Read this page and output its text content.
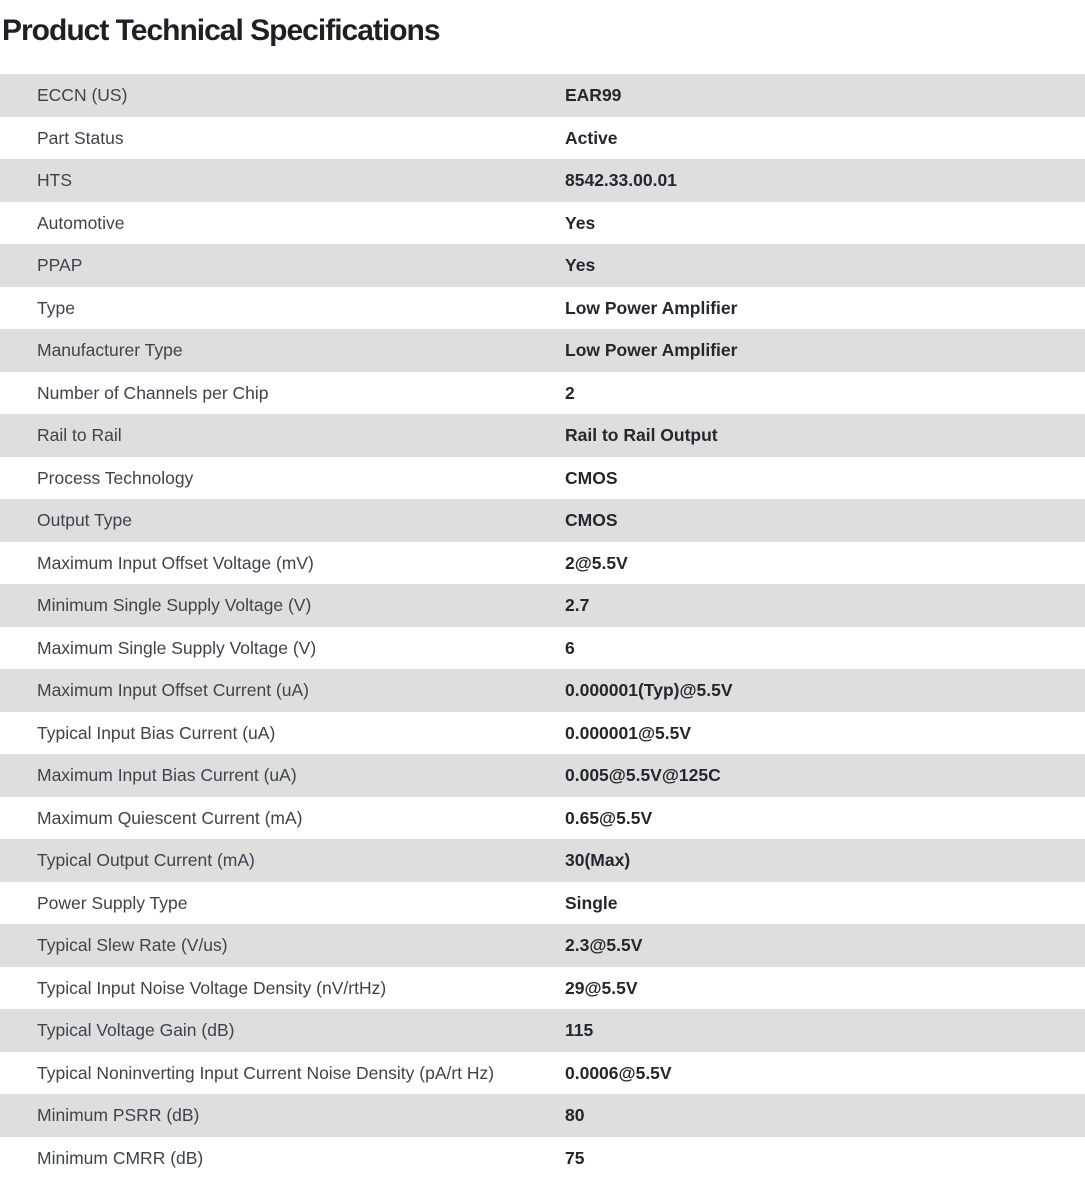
Product Technical Specifications
ECCN (US)	EAR99
Part Status	Active
HTS	8542.33.00.01
Automotive	Yes
PPAP	Yes
Type	Low Power Amplifier
Manufacturer Type	Low Power Amplifier
Number of Channels per Chip	2
Rail to Rail	Rail to Rail Output
Process Technology	CMOS
Output Type	CMOS
Maximum Input Offset Voltage (mV)	2@5.5V
Minimum Single Supply Voltage (V)	2.7
Maximum Single Supply Voltage (V)	6
Maximum Input Offset Current (uA)	0.000001(Typ)@5.5V
Typical Input Bias Current (uA)	0.000001@5.5V
Maximum Input Bias Current (uA)	0.005@5.5V@125C
Maximum Quiescent Current (mA)	0.65@5.5V
Typical Output Current (mA)	30(Max)
Power Supply Type	Single
Typical Slew Rate (V/us)	2.3@5.5V
Typical Input Noise Voltage Density (nV/rtHz)	29@5.5V
Typical Voltage Gain (dB)	115
Typical Noninverting Input Current Noise Density (pA/rt Hz)	0.0006@5.5V
Minimum PSRR (dB)	80
Minimum CMRR (dB)	75
